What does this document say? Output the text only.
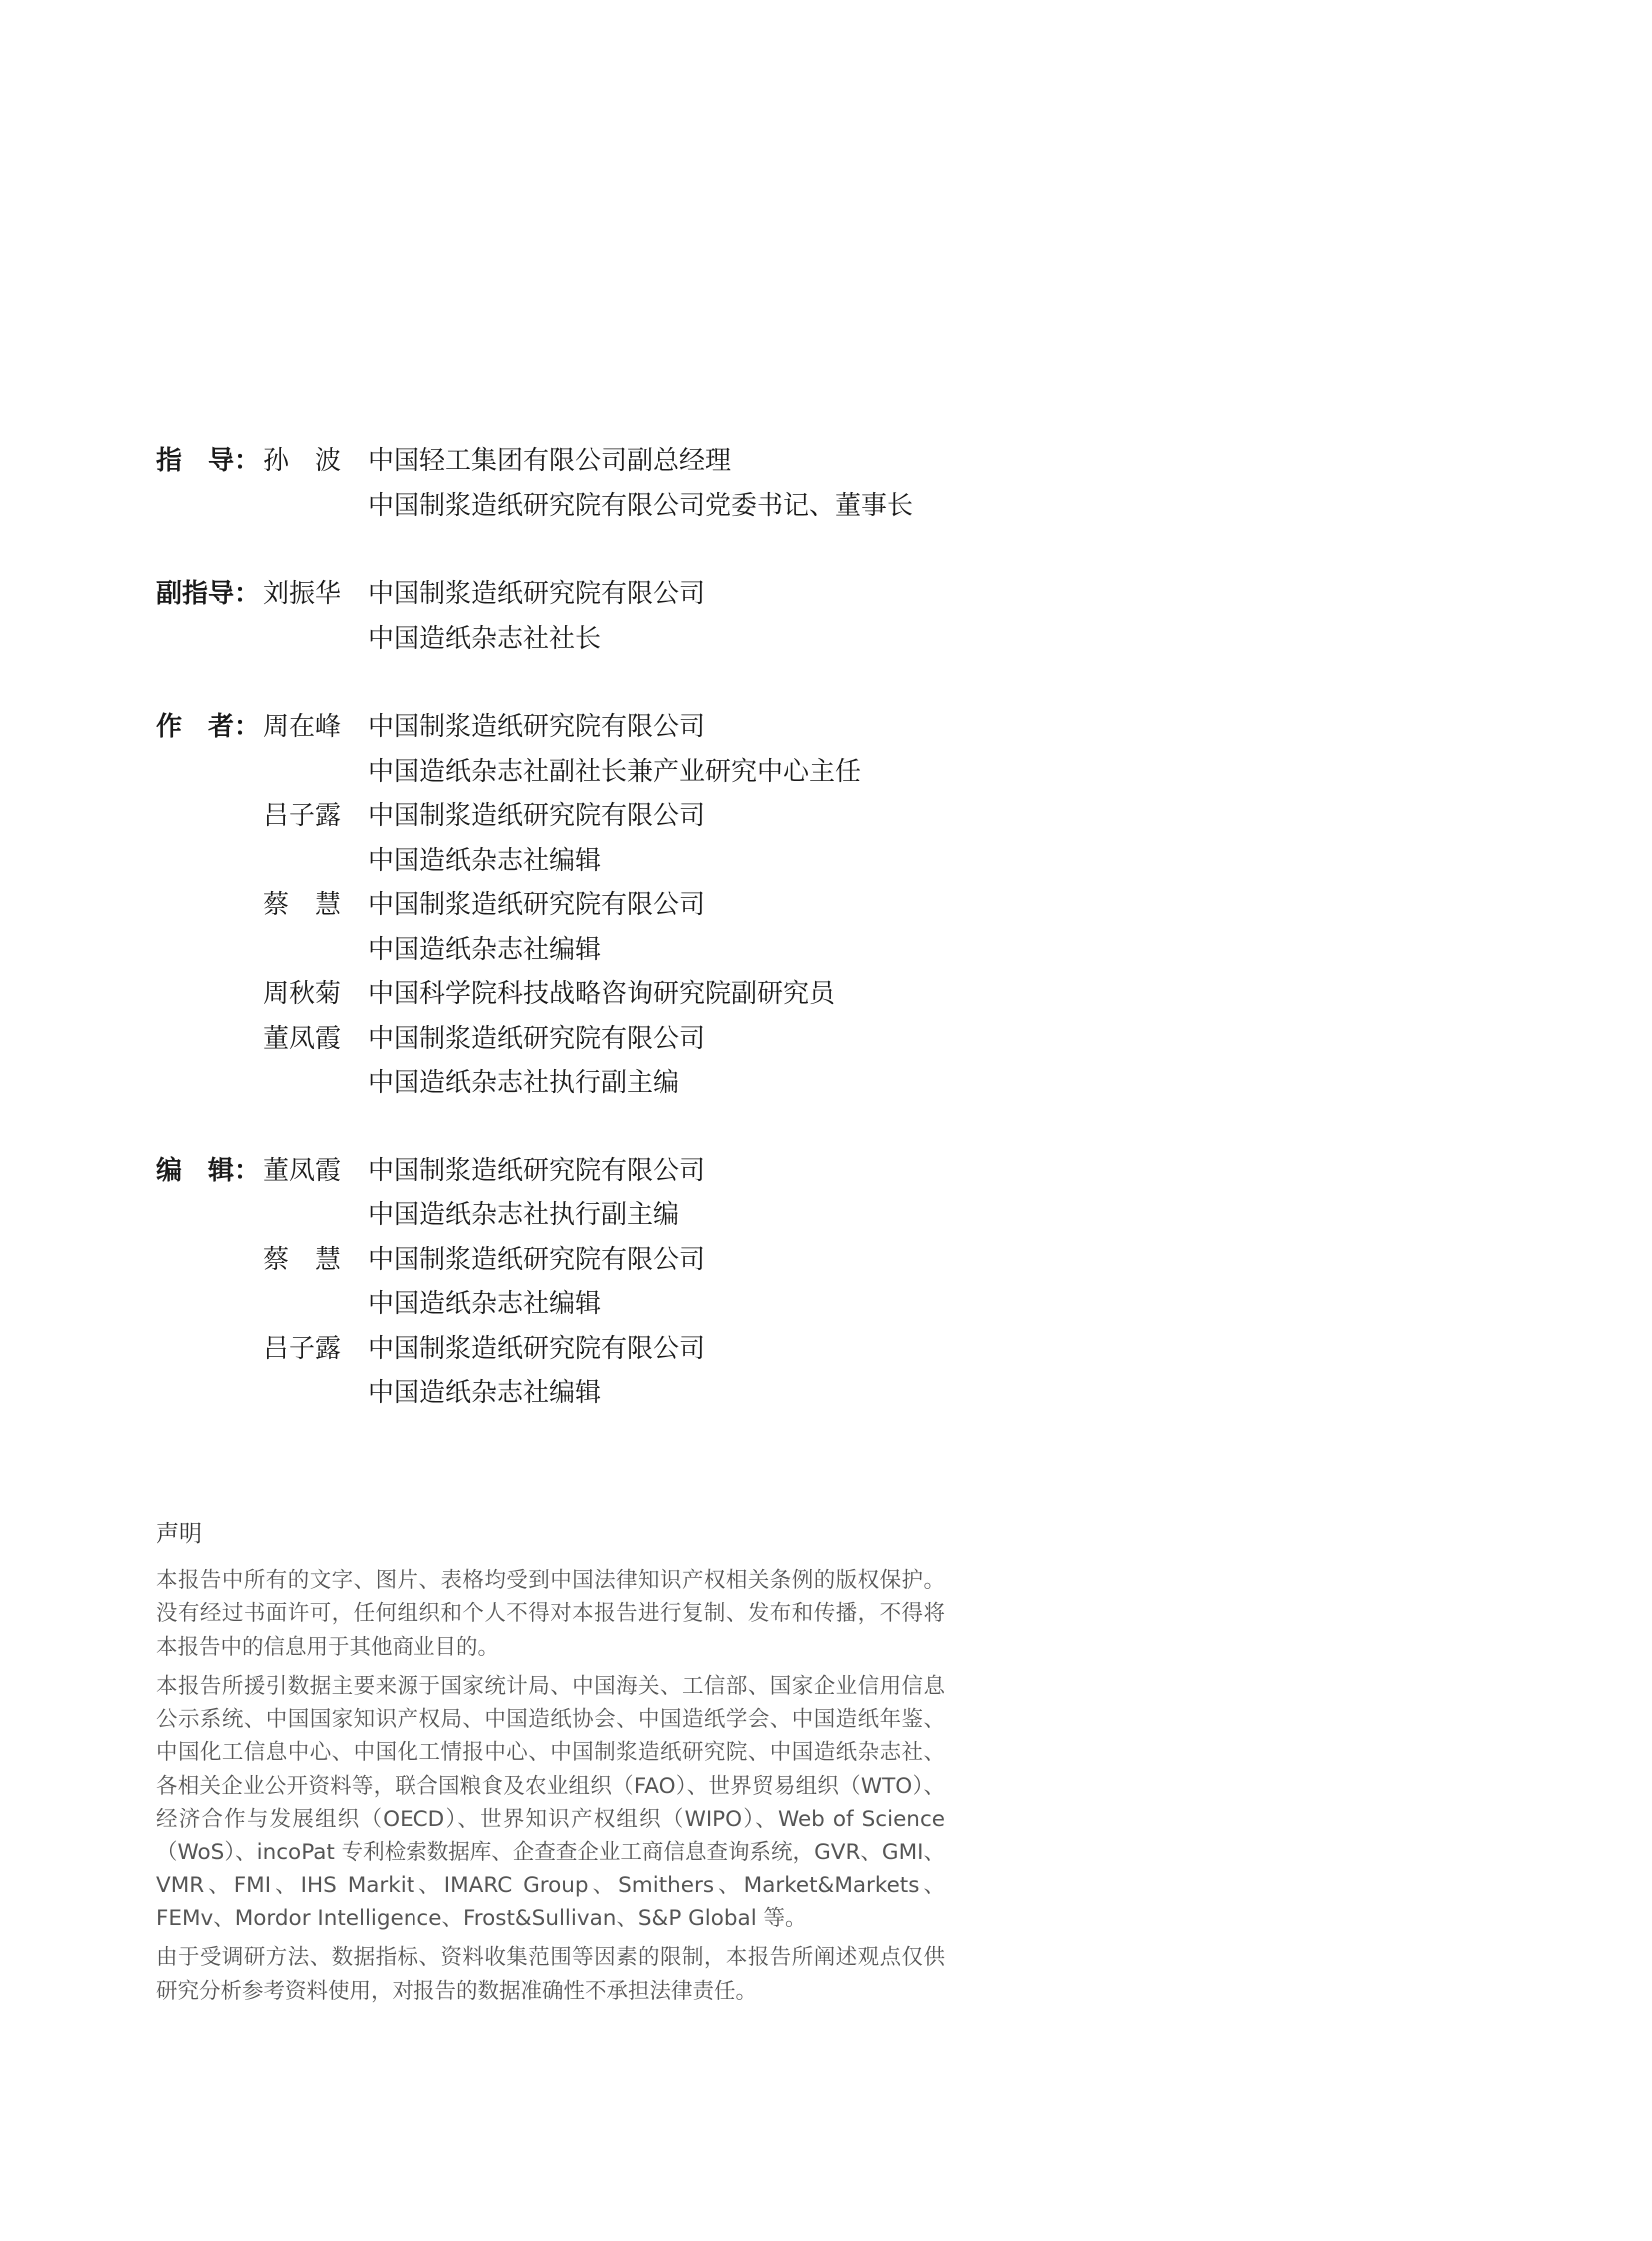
指　导： 孙　波	中国轻工集团有限公司副总经理
中国制浆造纸研究院有限公司党委书记、董事长
副指导： 刘振华	中国制浆造纸研究院有限公司
中国造纸杂志社社长
作　者： 周在峰	中国制浆造纸研究院有限公司
中国造纸杂志社副社长兼产业研究中心主任
吕子露	中国制浆造纸研究院有限公司
中国造纸杂志社编辑
蔡　慧	中国制浆造纸研究院有限公司
中国造纸杂志社编辑
周秋菊	中国科学院科技战略咨询研究院副研究员
董凤霞	中国制浆造纸研究院有限公司
中国造纸杂志社执行副主编
编　辑： 董凤霞	中国制浆造纸研究院有限公司
中国造纸杂志社执行副主编
蔡　慧	中国制浆造纸研究院有限公司
中国造纸杂志社编辑
吕子露	中国制浆造纸研究院有限公司
中国造纸杂志社编辑
声明

本报告中所有的文字、图片、表格均受到中国法律知识产权相关条例的版权保护。没有经过书面许可，任何组织和个人不得对本报告进行复制、发布和传播，不得将本报告中的信息用于其他商业目的。

本报告所援引数据主要来源于国家统计局、中国海关、工信部、国家企业信用信息公示系统、中国国家知识产权局、中国造纸协会、中国造纸学会、中国造纸年鉴、中国化工信息中心、中国化工情报中心、中国制浆造纸研究院、中国造纸杂志社、各相关企业公开资料等，联合国粮食及农业组织（FAO）、世界贸易组织（WTO）、经济合作与发展组织（OECD）、世界知识产权组织（WIPO）、Web of Science（WoS）、incoPat 专利检索数据库、企查查企业工商信息查询系统，GVR、GMI、VMR、FMI、IHS Markit、IMARC Group、Smithers、Market&Markets、FEMv、Mordor Intelligence、Frost&Sullivan、S&P Global 等。

由于受调研方法、数据指标、资料收集范围等因素的限制，本报告所阐述观点仅供研究分析参考资料使用，对报告的数据准确性不承担法律责任。
